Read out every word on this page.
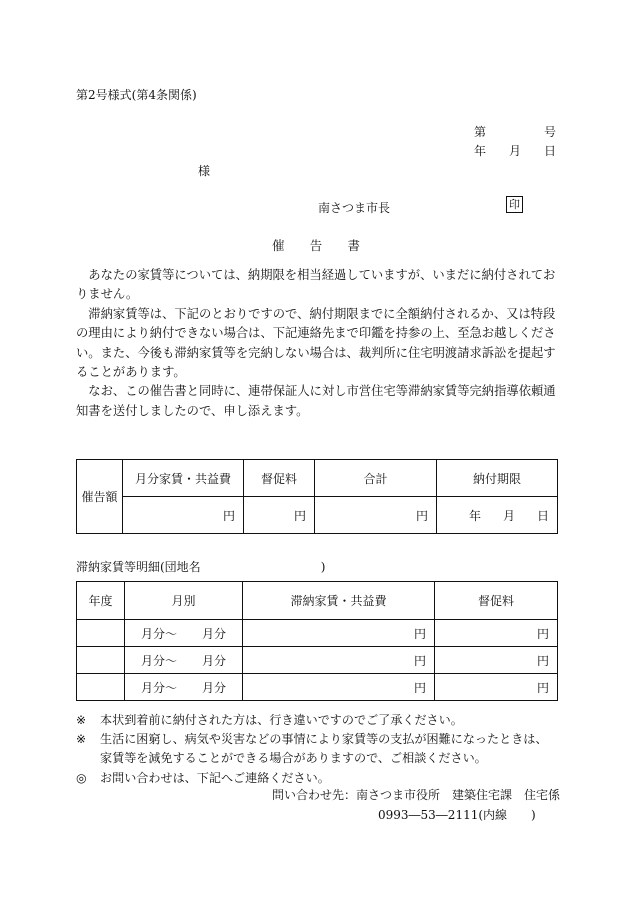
第2号様式(第4条関係)
第	号
年 月 日
様
南さつま市長	印
催 告 書

あなたの家賃等については、納期限を相当経過していますが、いまだに納付されておりません。

滞納家賃等は、下記のとおりですので、納付期限までに全額納付されるか、又は特段の理由により納付できない場合は、下記連絡先まで印鑑を持参の上、至急お越しください。また、今後も滞納家賃等を完納しない場合は、裁判所に住宅明渡請求訴訟を提起することがあります。

なお、この催告書と同時に、連帯保証人に対し市営住宅等滞納家賃等完納指導依頼通知書を送付しましたので、申し添えます。

催告額	月分家賃・共益費	督促料	合計	納付期限
	円	円	円	年 月 日
滞納家賃等明細(団地名	)
年度	月別	滞納家賃・共益費	督促料

	月分～ 月分	円	円

	月分～ 月分	円	円

	月分～ 月分	円	円
※	本状到着前に納付された方は、行き違いですのでご了承ください。
※	生活に困窮し、病気や災害などの事情により家賃等の支払が困難になったときは、家賃等を減免することができる場合がありますので、ご相談ください。
◎	お問い合わせは、下記へご連絡ください。
問い合わせ先：南さつま市役所　建築住宅課　住宅係
0993―53―2111(内線　　)
